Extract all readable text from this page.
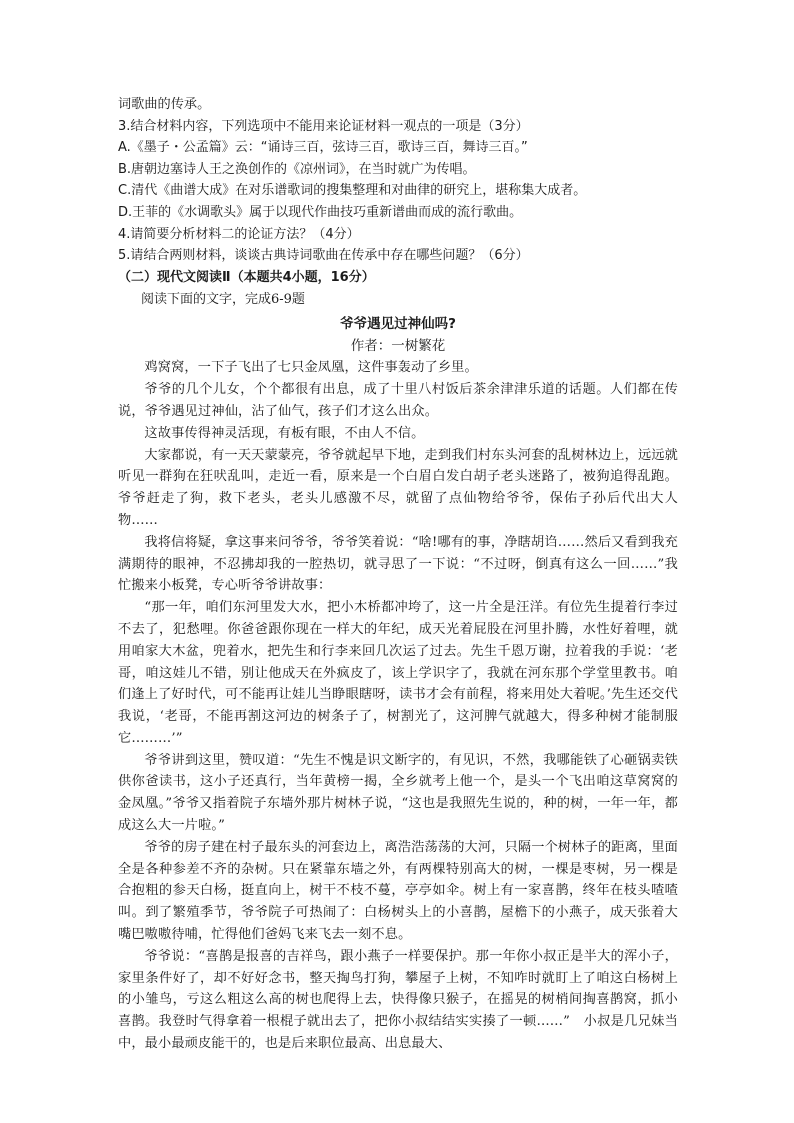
词歌曲的传承。
3.结合材料内容，下列选项中不能用来论证材料一观点的一项是（3分）
A.《墨子・公孟篇》云：“诵诗三百，弦诗三百，歌诗三百，舞诗三百。”
B.唐朝边塞诗人王之涣创作的《凉州词》，在当时就广为传唱。
C.清代《曲谱大成》在对乐谱歌词的搜集整理和对曲律的研究上，堪称集大成者。
D.王菲的《水调歌头》属于以现代作曲技巧重新谱曲而成的流行歌曲。
4.请简要分析材料二的论证方法？（4分）
5.请结合两则材料，谈谈古典诗词歌曲在传承中存在哪些问题？（6分）
（二）现代文阅读Ⅱ（本题共4小题，16分）
阅读下面的文字，完成6-9题
爷爷遇见过神仙吗?
作者：一树繁花

鸡窝窝，一下子飞出了七只金凤凰，这件事轰动了乡里。

爷爷的几个儿女，个个都很有出息，成了十里八村饭后茶余津津乐道的话题。人们都在传说，爷爷遇见过神仙，沾了仙气，孩子们才这么出众。

这故事传得神灵活现，有板有眼，不由人不信。

大家都说，有一天天蒙蒙亮，爷爷就起早下地，走到我们村东头河套的乱树林边上，远远就听见一群狗在狂吠乱叫，走近一看，原来是一个白眉白发白胡子老头迷路了，被狗追得乱跑。爷爷赶走了狗，救下老头，老头儿感激不尽，就留了点仙物给爷爷，保佑子孙后代出大人物……

我将信将疑，拿这事来问爷爷，爷爷笑着说：“啥!哪有的事，净瞎胡诌……然后又看到我充满期待的眼神，不忍拂却我的一腔热切，就寻思了一下说：“不过呀，倒真有这么一回……”我忙搬来小板凳，专心听爷爷讲故事：

“那一年，咱们东河里发大水，把小木桥都冲垮了，这一片全是汪洋。有位先生提着行李过不去了，犯愁哩。你爸爸跟你现在一样大的年纪，成天光着屁股在河里扑腾，水性好着哩，就用咱家大木盆，兜着水，把先生和行李来回几次运了过去。先生千恩万谢，拉着我的手说：‘老哥，咱这娃儿不错，别让他成天在外疯皮了，该上学识字了，我就在河东那个学堂里教书。咱们逢上了好时代，可不能再让娃儿当睁眼瞎呀，读书才会有前程，将来用处大着呢。’先生还交代我说，‘老哥，不能再割这河边的树条子了，树割光了，这河脾气就越大，得多种树才能制服它………’”

爷爷讲到这里，赞叹道：“先生不愧是识文断字的，有见识，不然，我哪能铁了心砸锅卖铁供你爸读书，这小子还真行，当年黄榜一揭，全乡就考上他一个，是头一个飞出咱这草窝窝的金凤凰。”爷爷又指着院子东墙外那片树林子说，“这也是我照先生说的，种的树，一年一年，都成这么大一片啦。”

爷爷的房子建在村子最东头的河套边上，离浩浩荡荡的大河，只隔一个树林子的距离，里面全是各种参差不齐的杂树。只在紧靠东墙之外，有两棵特别高大的树，一棵是枣树，另一棵是合抱粗的参天白杨，挺直向上，树干不枝不蔓，亭亭如伞。树上有一家喜鹊，终年在枝头喳喳叫。到了繁殖季节，爷爷院子可热闹了：白杨树头上的小喜鹊，屋檐下的小燕子，成天张着大嘴巴嗷嗷待哺，忙得他们爸妈飞来飞去一刻不息。

爷爷说：“喜鹊是报喜的吉祥鸟，跟小燕子一样要保护。那一年你小叔正是半大的浑小子，家里条件好了，却不好好念书，整天掏鸟打狗，攀屋子上树，不知咋时就盯上了咱这白杨树上的小雏鸟，亏这么粗这么高的树也爬得上去，快得像只猴子，在摇晃的树梢间掏喜鹊窝，抓小喜鹊。我登时气得拿着一根棍子就出去了，把你小叔结结实实揍了一顿……”　小叔是几兄妹当中，最小最顽皮能干的，也是后来职位最高、出息最大、
